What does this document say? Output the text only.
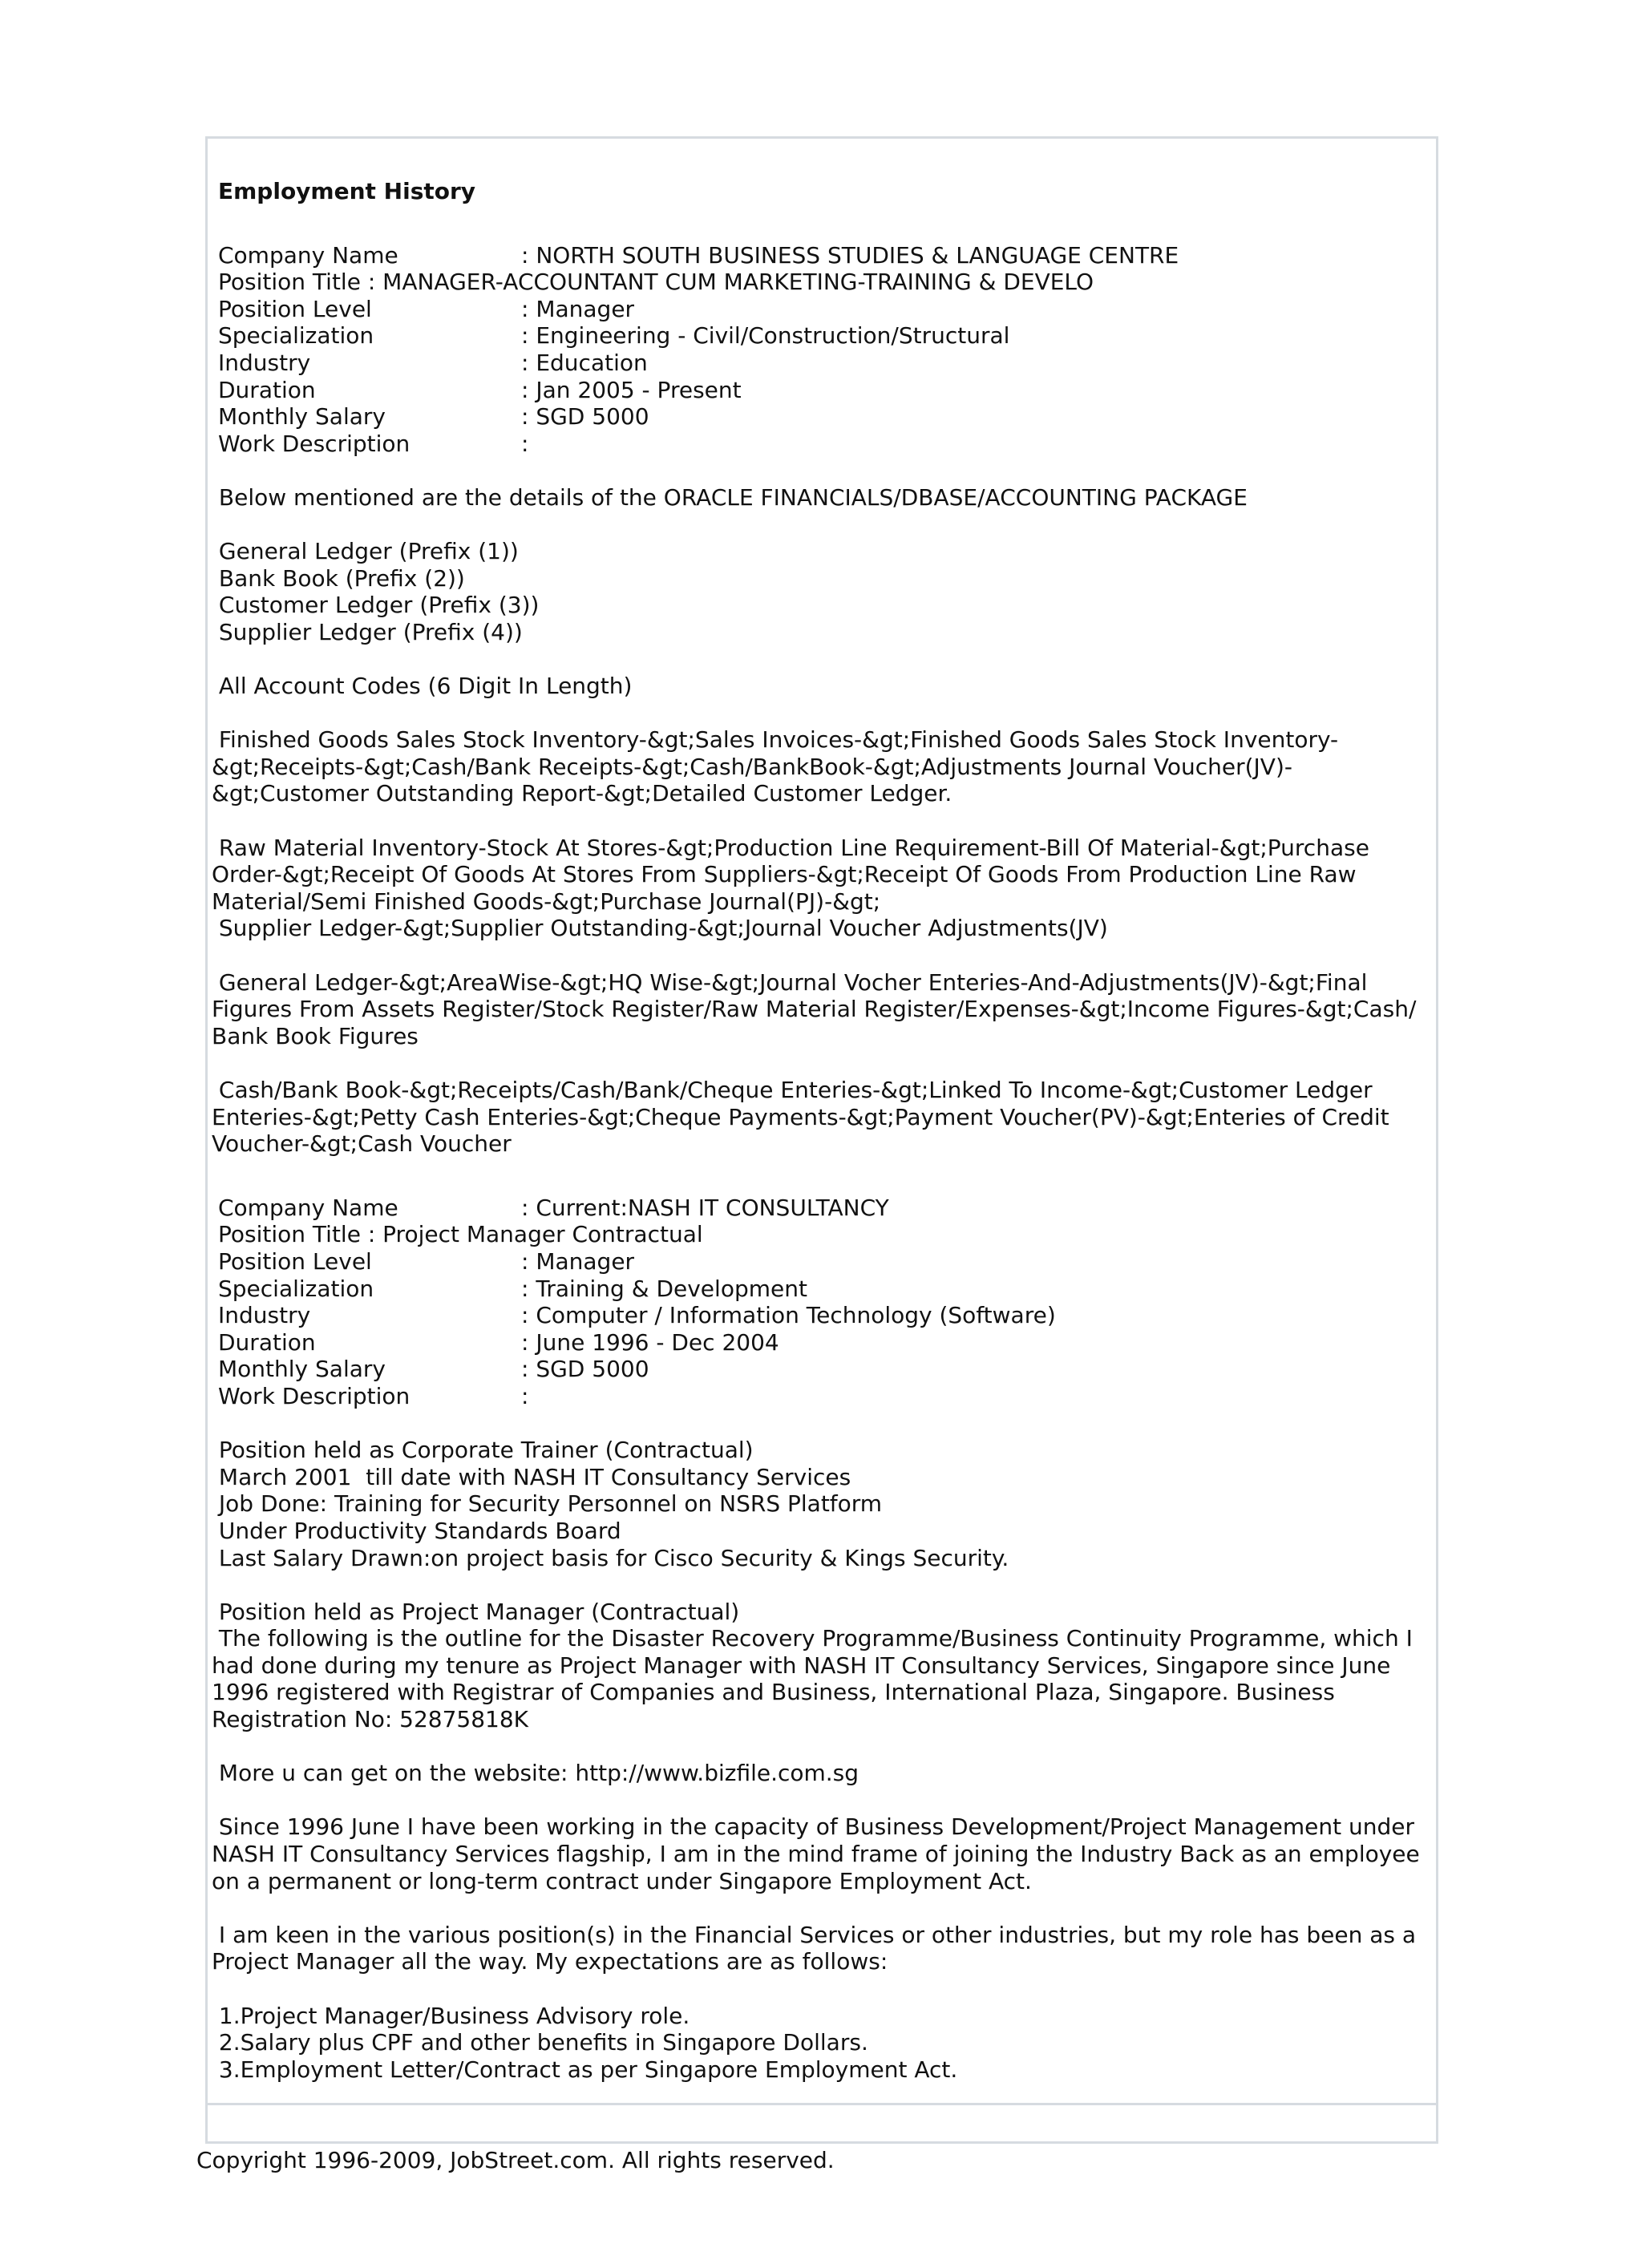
Employment History
Company Name	: NORTH SOUTH BUSINESS STUDIES & LANGUAGE CENTRE
Position Title : MANAGER-ACCOUNTANT CUM MARKETING-TRAINING & DEVELO
Position Level	: Manager
Specialization	: Engineering - Civil/Construction/Structural
Industry	: Education
Duration	: Jan 2005 - Present
Monthly Salary	: SGD 5000
Work Description	:

Below mentioned are the details of the ORACLE FINANCIALS/DBASE/ACCOUNTING PACKAGE

General Ledger (Prefix (1))

Bank Book (Prefix (2))

Customer Ledger (Prefix (3))

Supplier Ledger (Prefix (4))

All Account Codes (6 Digit In Length)

Finished Goods Sales Stock Inventory-&gt;Sales Invoices-&gt;Finished Goods Sales Stock Inventory-

&gt;Receipts-&gt;Cash/Bank Receipts-&gt;Cash/BankBook-&gt;Adjustments Journal Voucher(JV)-

&gt;Customer Outstanding Report-&gt;Detailed Customer Ledger.

Raw Material Inventory-Stock At Stores-&gt;Production Line Requirement-Bill Of Material-&gt;Purchase

Order-&gt;Receipt Of Goods At Stores From Suppliers-&gt;Receipt Of Goods From Production Line Raw

Material/Semi Finished Goods-&gt;Purchase Journal(PJ)-&gt;

Supplier Ledger-&gt;Supplier Outstanding-&gt;Journal Voucher Adjustments(JV)

General Ledger-&gt;AreaWise-&gt;HQ Wise-&gt;Journal Vocher Enteries-And-Adjustments(JV)-&gt;Final

Figures From Assets Register/Stock Register/Raw Material Register/Expenses-&gt;Income Figures-&gt;Cash/

Bank Book Figures

Cash/Bank Book-&gt;Receipts/Cash/Bank/Cheque Enteries-&gt;Linked To Income-&gt;Customer Ledger

Enteries-&gt;Petty Cash Enteries-&gt;Cheque Payments-&gt;Payment Voucher(PV)-&gt;Enteries of Credit

Voucher-&gt;Cash Voucher

Company Name	: Current:NASH IT CONSULTANCY
Position Title : Project Manager Contractual
Position Level	: Manager
Specialization	: Training & Development
Industry	: Computer / Information Technology (Software)
Duration	: June 1996 - Dec 2004
Monthly Salary	: SGD 5000
Work Description	:

Position held as Corporate Trainer (Contractual)

March 2001  till date with NASH IT Consultancy Services

Job Done: Training for Security Personnel on NSRS Platform

Under Productivity Standards Board

Last Salary Drawn:on project basis for Cisco Security & Kings Security.

Position held as Project Manager (Contractual)

The following is the outline for the Disaster Recovery Programme/Business Continuity Programme, which I

had done during my tenure as Project Manager with NASH IT Consultancy Services, Singapore since June

1996 registered with Registrar of Companies and Business, International Plaza, Singapore. Business

Registration No: 52875818K

More u can get on the website: http://www.bizfile.com.sg

Since 1996 June I have been working in the capacity of Business Development/Project Management under

NASH IT Consultancy Services flagship, I am in the mind frame of joining the Industry Back as an employee

on a permanent or long-term contract under Singapore Employment Act.

I am keen in the various position(s) in the Financial Services or other industries, but my role has been as a

Project Manager all the way. My expectations are as follows:

1.Project Manager/Business Advisory role.

2.Salary plus CPF and other benefits in Singapore Dollars.

3.Employment Letter/Contract as per Singapore Employment Act.

Copyright 1996-2009, JobStreet.com. All rights reserved.
